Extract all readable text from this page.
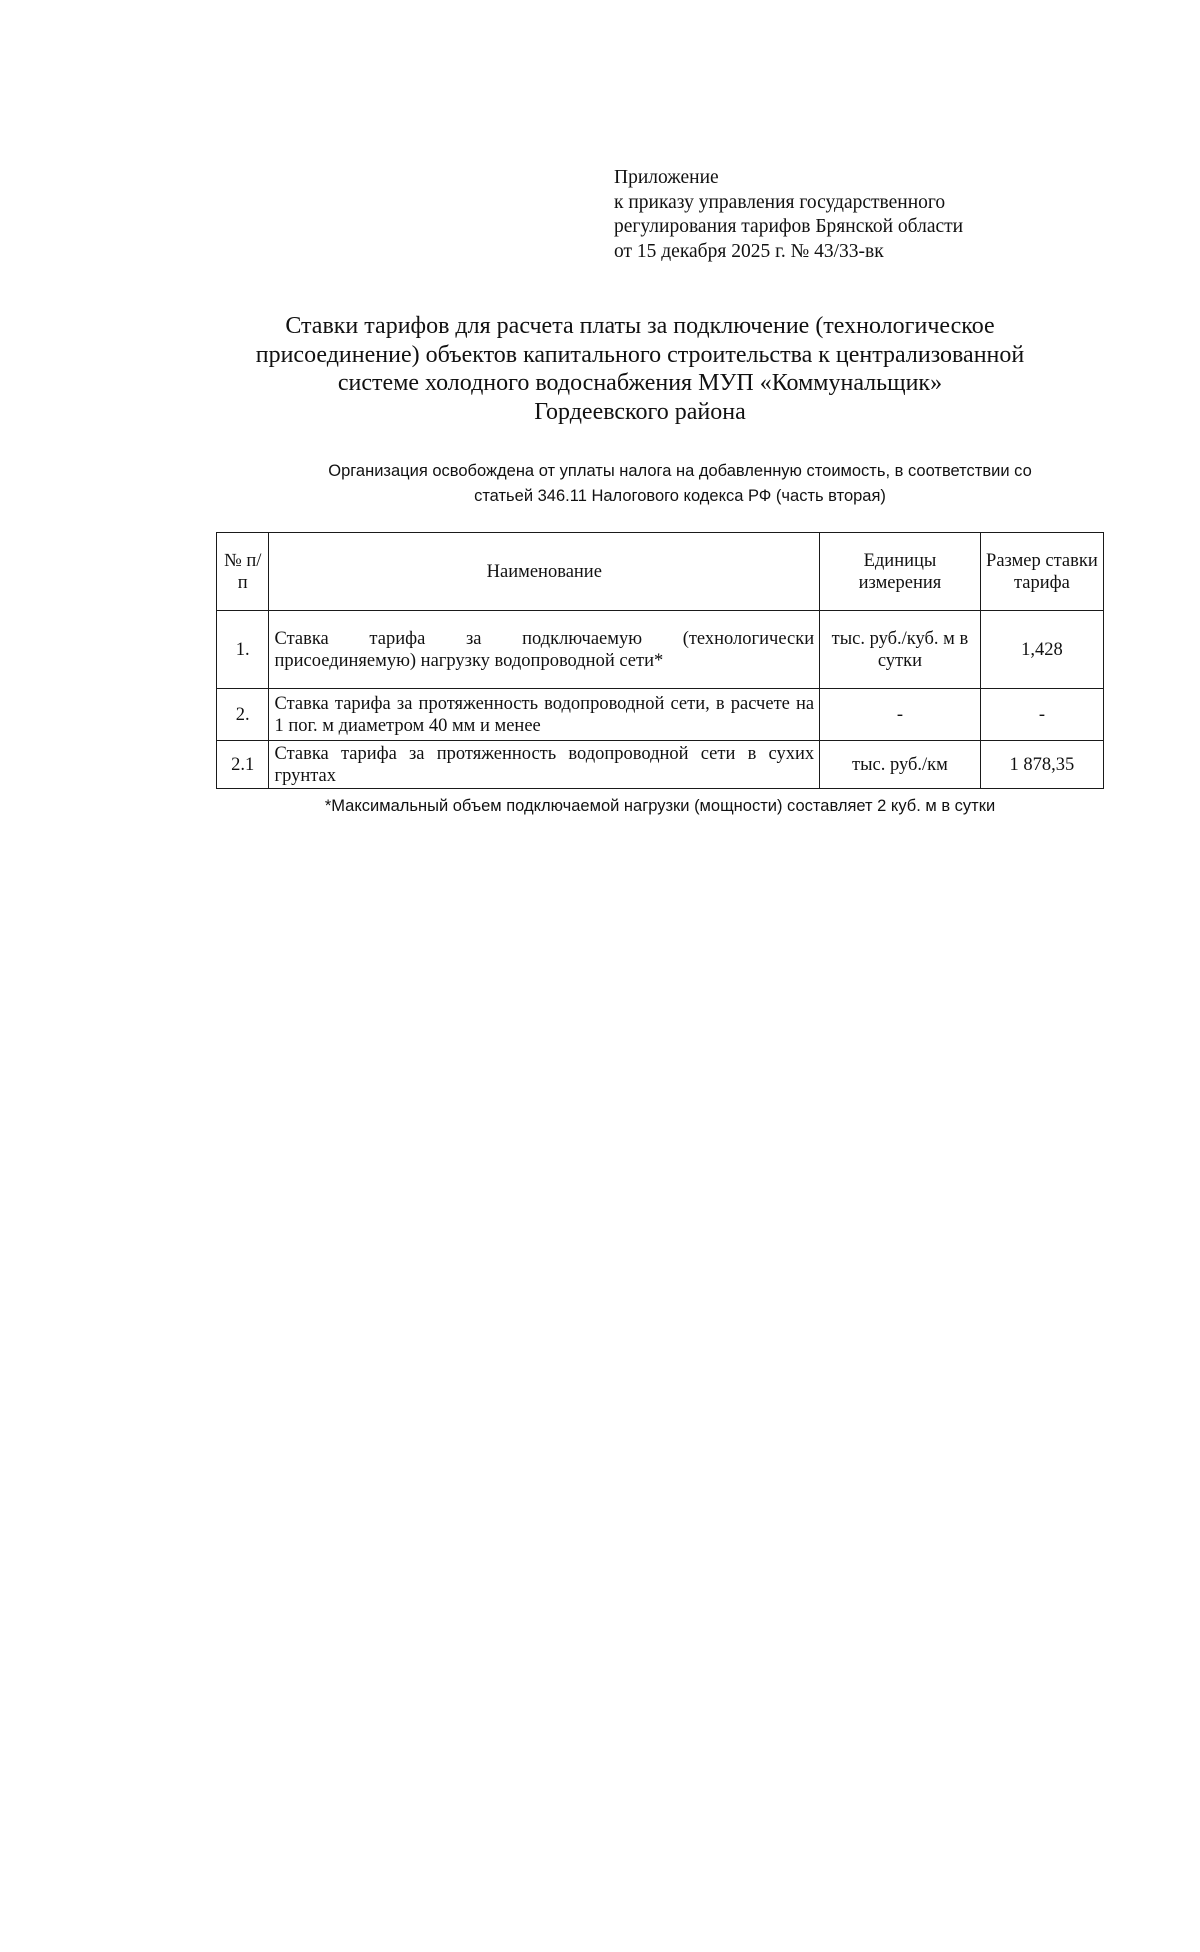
Приложение
к приказу управления государственного
регулирования тарифов Брянской области
от 15 декабря 2025 г. № 43/33-вк
Ставки тарифов для расчета платы за подключение (технологическое
присоединение) объектов капитального строительства к централизованной
системе холодного водоснабжения МУП «Коммунальщик»
Гордеевского района
Организация освобождена от уплаты налога на добавленную стоимость, в соответствии со
статьей 346.11 Налогового кодекса РФ (часть вторая)
№ п/п	Наименование	Единицы измерения	Размер ставки тарифа
1.	Ставка тарифа за подключаемую (технологически присоединяемую) нагрузку водопроводной сети*	тыс. руб./куб. м в сутки	1,428
2.	Ставка тарифа за протяженность водопроводной сети, в расчете на 1 пог. м диаметром 40 мм и менее	-	-
2.1	Ставка тарифа за протяженность водопроводной сети в сухих грунтах	тыс. руб./км	1 878,35
*Максимальный объем подключаемой нагрузки (мощности) составляет 2 куб. м в сутки
